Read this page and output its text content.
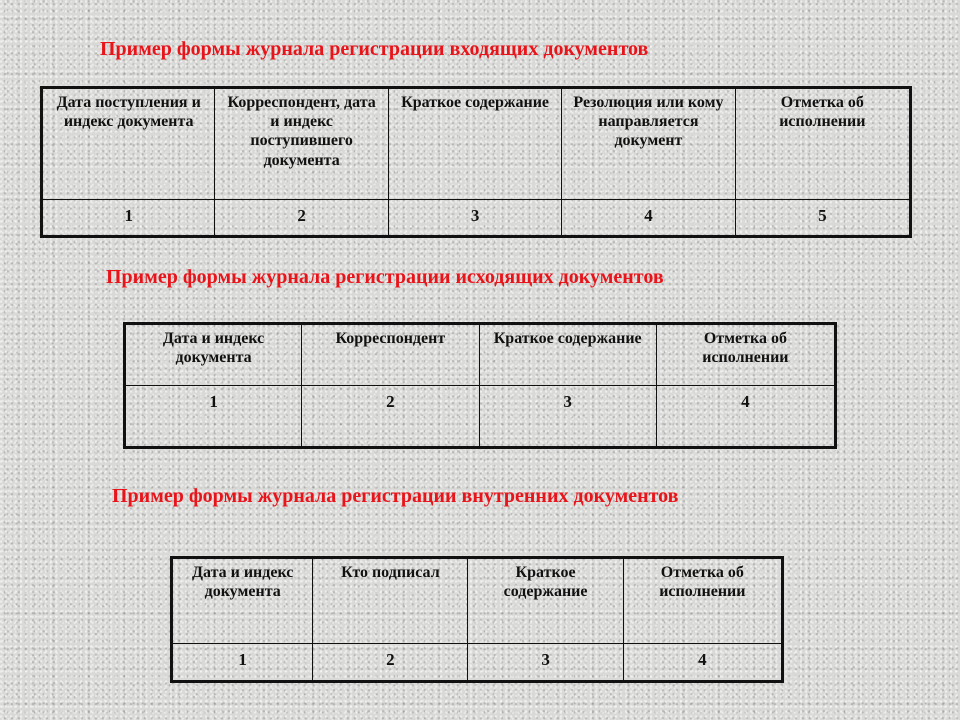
Пример формы журнала регистрации входящих документов
Дата поступления и индекс документа	Корреспондент, дата и индекс поступившего документа	Краткое содержание	Резолюция или кому направляется документ	Отметка об исполнении
1	2	3	4	5
Пример формы журнала регистрации исходящих документов
Дата и индекс документа	Корреспондент	Краткое содержание	Отметка об исполнении
1	2	3	4
Пример формы журнала регистрации внутренних документов
Дата и индекс документа	Кто подписал	Краткое содержание	Отметка об исполнении
1	2	3	4
